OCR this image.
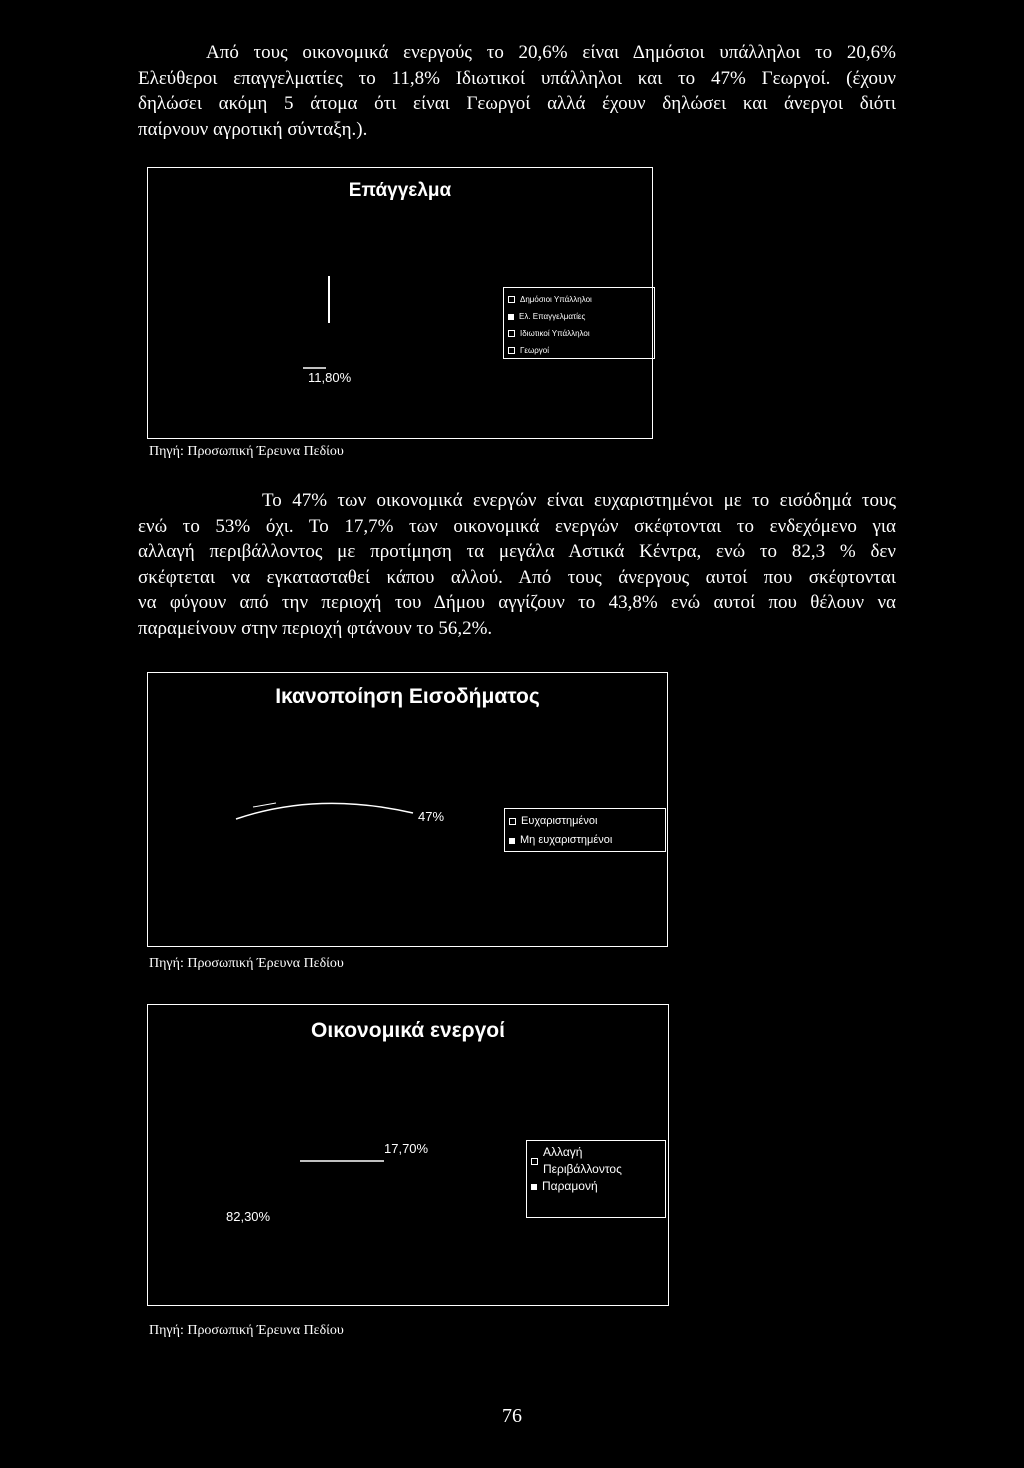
Από τους οικονομικά ενεργούς το 20,6% είναι Δημόσιοι υπάλληλοι το 20,6%
Ελεύθεροι επαγγελματίες το 11,8% Ιδιωτικοί υπάλληλοι και το 47% Γεωργοί. (έχουν
δηλώσει ακόμη 5 άτομα ότι είναι Γεωργοί αλλά έχουν δηλώσει και άνεργοι διότι
παίρνουν αγροτική σύνταξη.).

Επάγγελμα
11,80%
Δημόσιοι Υπάλληλοι
Ελ. Επαγγελματίες
Ιδιωτικοί Υπάλληλοι
Γεωργοί
Πηγή: Προσωπική Έρευνα Πεδίου

Το 47% των οικονομικά ενεργών είναι ευχαριστημένοι με το εισόδημά τους
ενώ το 53% όχι. Το 17,7% των οικονομικά ενεργών σκέφτονται το ενδεχόμενο για
αλλαγή περιβάλλοντος με προτίμηση τα μεγάλα Αστικά Κέντρα, ενώ το 82,3 % δεν
σκέφτεται να εγκατασταθεί κάπου αλλού. Από τους άνεργους αυτοί που σκέφτονται
να φύγουν από την περιοχή του Δήμου αγγίζουν το 43,8% ενώ αυτοί που θέλουν να
παραμείνουν στην περιοχή φτάνουν το 56,2%.

Ικανοποίηση Εισοδήματος
47%	Ευχαριστημένοι
Μη ευχαριστημένοι
Πηγή: Προσωπική Έρευνα Πεδίου
Οικονομικά ενεργοί
17,70%
82,30%
Αλλαγή Περιβάλλοντος
Παραμονή
Πηγή: Προσωπική Έρευνα Πεδίου
76
